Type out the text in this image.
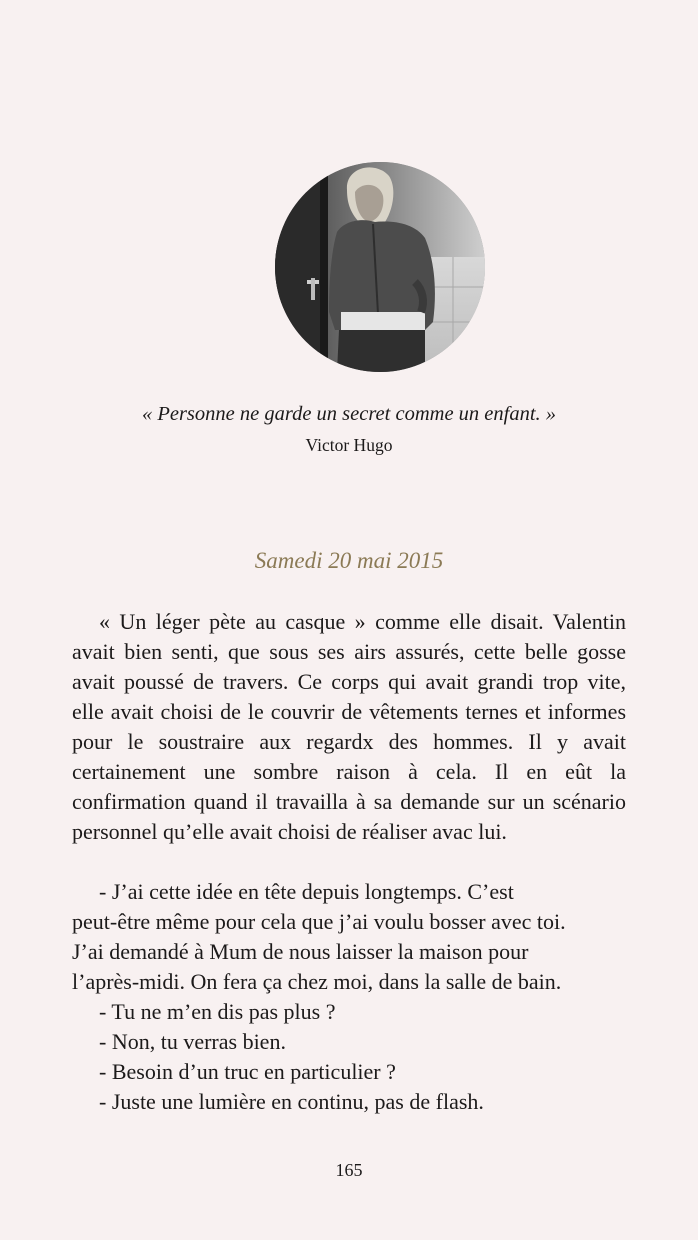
« Personne ne garde un secret comme un enfant. »
Victor Hugo
Samedi 20 mai 2015
« Un léger pète au casque » comme elle disait. Valentin avait bien senti, que sous ses airs assurés, cette belle gosse avait poussé de travers. Ce corps qui avait grandi trop vite, elle avait choisi de le couvrir de vêtements ternes et informes pour le soustraire aux regardx des hommes. Il y avait certainement une sombre raison à cela. Il en eût la confirmation quand il travailla à sa demande sur un scénario personnel qu’elle avait choisi de réaliser avac lui.
- J’ai cette idée en tête depuis longtemps. C’est
peut-être même pour cela que j’ai voulu bosser avec toi.
J’ai demandé à Mum de nous laisser la maison pour
l’après-midi. On fera ça chez moi, dans la salle de bain.
- Tu ne m’en dis pas plus ?
- Non, tu verras bien.
- Besoin d’un truc en particulier ?
- Juste une lumière en continu, pas de flash.
165
